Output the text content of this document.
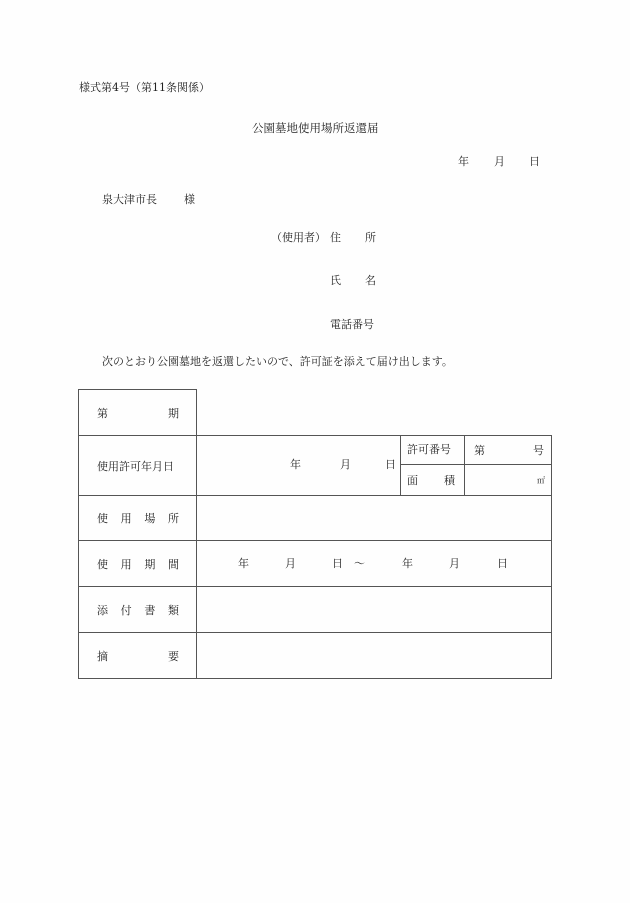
様式第4号（第11条関係）
公園墓地使用場所返還届
年 月 日
泉大津市長 様
（使用者） 住 所
氏 名
電話番号
次のとおり公園墓地を返還したいので、許可証を添えて届け出します。
第	期
使用許可年月日	年	月	日
許可番号 第	号
面 積	㎡
使 用 場 所
使 用 期 間	年	月	日 ～	年	月	日
添 付 書 類
摘	要
